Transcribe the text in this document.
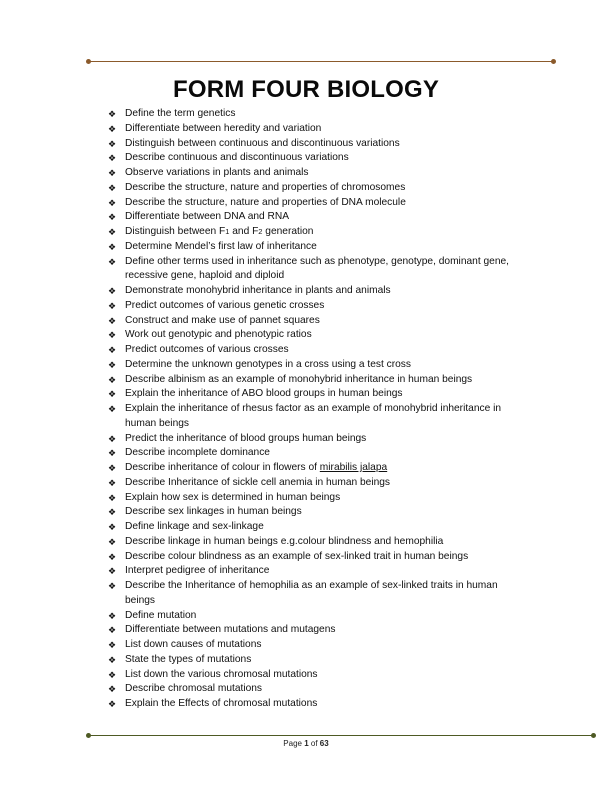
FORM FOUR BIOLOGY
❖ Define the term genetics
❖ Differentiate between heredity and variation
❖ Distinguish between continuous and discontinuous variations
❖ Describe continuous and discontinuous variations
❖ Observe variations in plants and animals
❖ Describe the structure, nature and properties of chromosomes
❖ Describe the structure, nature and properties of DNA molecule
❖ Differentiate between DNA and RNA
❖ Distinguish between F1 and F2 generation
❖ Determine Mendel’s first law of inheritance
❖ Define other terms used in inheritance such as phenotype, genotype, dominant gene, recessive gene, haploid and diploid
❖ Demonstrate monohybrid inheritance in plants and animals
❖ Predict outcomes of various genetic crosses
❖ Construct and make use of pannet squares
❖ Work out genotypic and phenotypic ratios
❖ Predict outcomes of various crosses
❖ Determine the unknown genotypes in a cross using a test cross
❖ Describe albinism as an example of monohybrid inheritance in human beings
❖ Explain the inheritance of ABO blood groups in human beings
❖ Explain the inheritance of rhesus factor as an example of monohybrid inheritance in human beings
❖ Predict the inheritance of blood groups human beings
❖ Describe incomplete dominance
❖ Describe inheritance of colour in flowers of mirabilis jalapa
❖ Describe Inheritance of sickle cell anemia in human beings
❖ Explain how sex is determined in human beings
❖ Describe sex linkages in human beings
❖ Define linkage and sex-linkage
❖ Describe linkage in human beings e.g.colour blindness and hemophilia
❖ Describe colour blindness as an example of sex-linked trait in human beings
❖ Interpret pedigree of inheritance
❖ Describe the Inheritance of hemophilia as an example of sex-linked traits in human beings
❖ Define mutation
❖ Differentiate between mutations and mutagens
❖ List down causes of mutations
❖ State the types of mutations
❖ List down the various chromosal mutations
❖ Describe chromosal mutations
❖ Explain the Effects of chromosal mutations
Page 1 of 63
